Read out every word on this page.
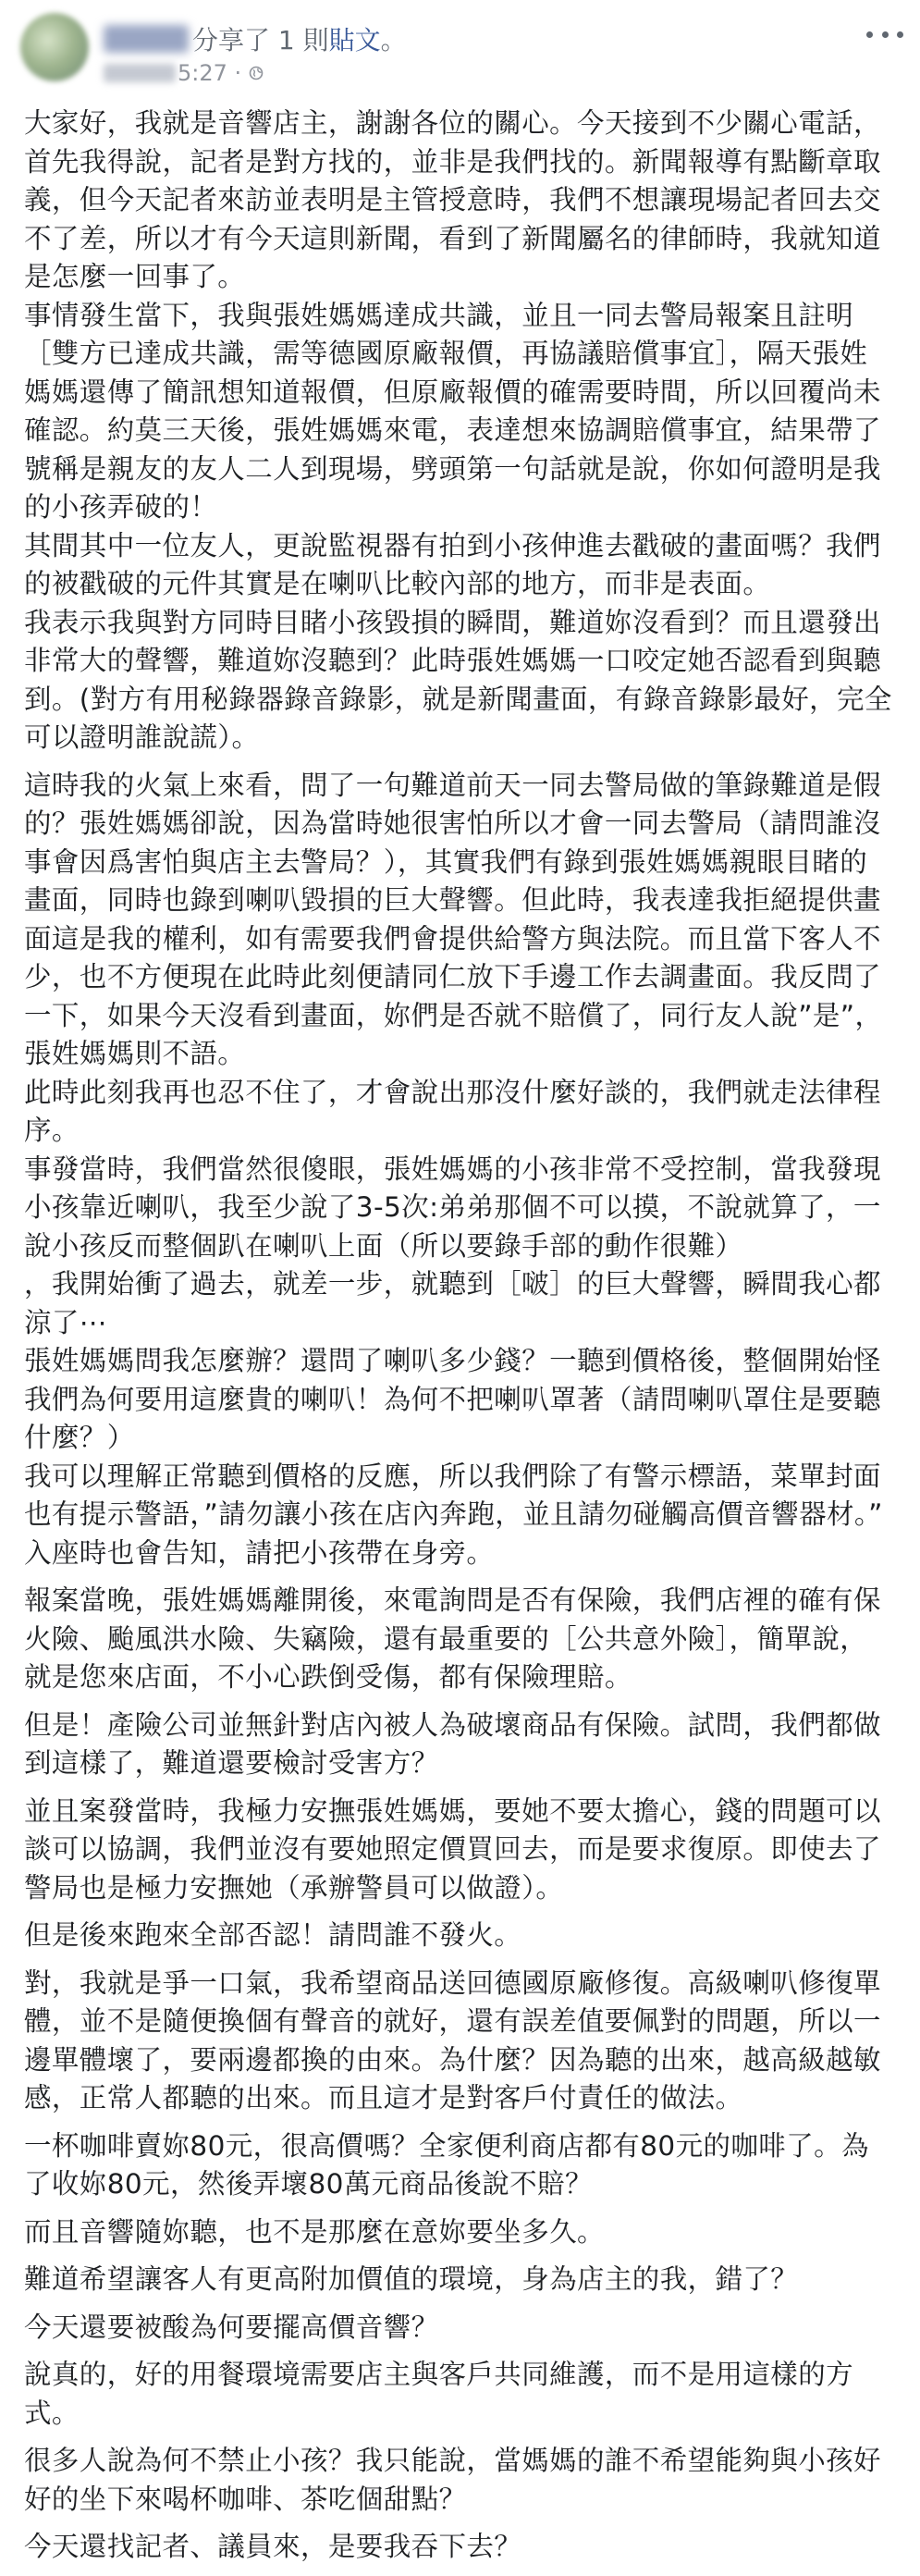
分享了 1 則 貼文 。
5:27 ·

大家好，我就是音響店主，謝謝各位的關心。今天接到不少關心電話，首先我得說，記者是對方找的，並非是我們找的。新聞報導有點斷章取義，但今天記者來訪並表明是主管授意時，我們不想讓現場記者回去交不了差，所以才有今天這則新聞，看到了新聞屬名的律師時，我就知道是怎麼一回事了。
事情發生當下，我與張姓媽媽達成共識，並且一同去警局報案且註明［雙方已達成共識，需等德國原廠報價，再協議賠償事宜］，隔天張姓媽媽還傳了簡訊想知道報價，但原廠報價的確需要時間，所以回覆尚未確認。約莫三天後，張姓媽媽來電，表達想來協調賠償事宜，結果帶了號稱是親友的友人二人到現場，劈頭第一句話就是說，你如何證明是我的小孩弄破的！
其間其中一位友人，更說監視器有拍到小孩伸進去戳破的畫面嗎？我們的被戳破的元件其實是在喇叭比較內部的地方，而非是表面。
我表示我與對方同時目睹小孩毀損的瞬間，難道妳沒看到？而且還發出非常大的聲響，難道妳沒聽到？此時張姓媽媽一口咬定她否認看到與聽到。(對方有用秘錄器錄音錄影，就是新聞畫面，有錄音錄影最好，完全可以證明誰說謊）。

這時我的火氣上來看，問了一句難道前天一同去警局做的筆錄難道是假的？張姓媽媽卻說，因為當時她很害怕所以才會一同去警局（請問誰沒事會因爲害怕與店主去警局？），其實我們有錄到張姓媽媽親眼目睹的畫面，同時也錄到喇叭毀損的巨大聲響。但此時，我表達我拒絕提供畫面這是我的權利，如有需要我們會提供給警方與法院。而且當下客人不少，也不方便現在此時此刻便請同仁放下手邊工作去調畫面。我反問了一下，如果今天沒看到畫面，妳們是否就不賠償了，同行友人說”是”，張姓媽媽則不語。
此時此刻我再也忍不住了，才會說出那沒什麼好談的，我們就走法律程序。
事發當時，我們當然很傻眼，張姓媽媽的小孩非常不受控制，當我發現小孩靠近喇叭，我至少說了3-5次:弟弟那個不可以摸，不說就算了，一說小孩反而整個趴在喇叭上面（所以要錄手部的動作很難）
，我開始衝了過去，就差一步，就聽到［啵］的巨大聲響，瞬間我心都涼了⋯
張姓媽媽問我怎麼辦？還問了喇叭多少錢？一聽到價格後，整個開始怪我們為何要用這麼貴的喇叭！為何不把喇叭罩著（請問喇叭罩住是要聽什麼？）
我可以理解正常聽到價格的反應，所以我們除了有警示標語，菜單封面也有提示警語，”請勿讓小孩在店內奔跑，並且請勿碰觸高價音響器材。”
入座時也會告知，請把小孩帶在身旁。

報案當晚，張姓媽媽離開後，來電詢問是否有保險，我們店裡的確有保火險、颱風洪水險、失竊險，還有最重要的［公共意外險］，簡單說，就是您來店面，不小心跌倒受傷，都有保險理賠。

但是！產險公司並無針對店內被人為破壞商品有保險。試問，我們都做到這樣了，難道還要檢討受害方？

並且案發當時，我極力安撫張姓媽媽，要她不要太擔心，錢的問題可以談可以協調，我們並沒有要她照定價買回去，而是要求復原。即使去了警局也是極力安撫她（承辦警員可以做證）。

但是後來跑來全部否認！請問誰不發火。

對，我就是爭一口氣，我希望商品送回德國原廠修復。高級喇叭修復單體，並不是隨便換個有聲音的就好，還有誤差值要佩對的問題，所以一邊單體壞了，要兩邊都換的由來。為什麼？因為聽的出來，越高級越敏感，正常人都聽的出來。而且這才是對客戶付責任的做法。

一杯咖啡賣妳80元，很高價嗎？全家便利商店都有80元的咖啡了。為了收妳80元，然後弄壞80萬元商品後說不賠？

而且音響隨妳聽，也不是那麼在意妳要坐多久。

難道希望讓客人有更高附加價值的環境，身為店主的我，錯了？

今天還要被酸為何要擺高價音響？

說真的，好的用餐環境需要店主與客戶共同維護，而不是用這樣的方式。

很多人說為何不禁止小孩？我只能說，當媽媽的誰不希望能夠與小孩好好的坐下來喝杯咖啡、茶吃個甜點？

今天還找記者、議員來，是要我吞下去？
